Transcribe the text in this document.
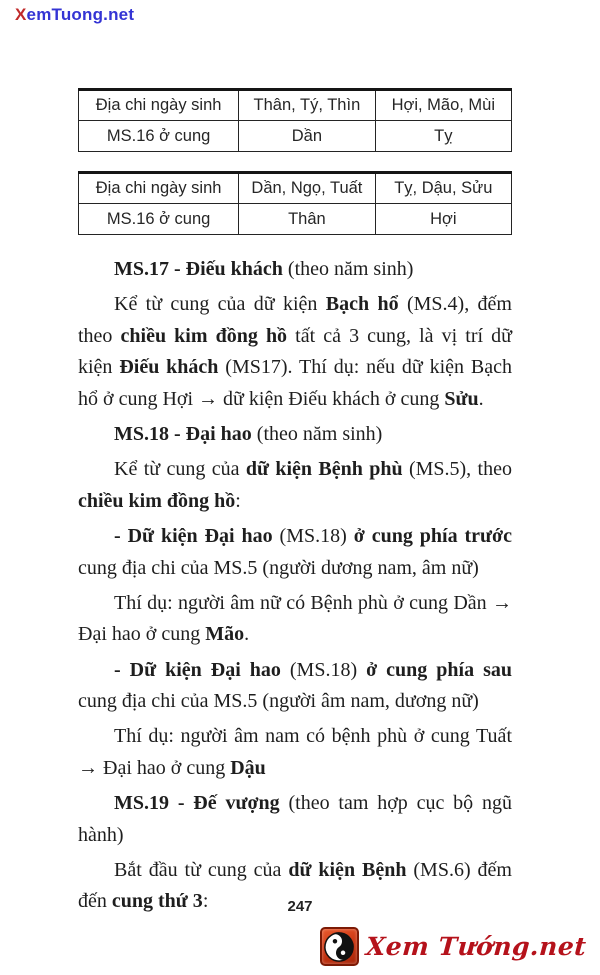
XemTuong.net
Địa chi ngày sinh	Thân, Tý, Thìn	Hợi, Mão, Mùi
MS.16 ở cung	Dần	Tỵ
Địa chi ngày sinh	Dần, Ngọ, Tuất	Tỵ, Dậu, Sửu
MS.16 ở cung	Thân	Hợi

MS.17 - Điếu khách (theo năm sinh)

Kể từ cung của dữ kiện Bạch hổ (MS.4), đếm theo chiều kim đồng hồ tất cả 3 cung, là vị trí dữ kiện Điếu khách (MS17). Thí dụ: nếu dữ kiện Bạch hổ ở cung Hợi → dữ kiện Điếu khách ở cung Sửu.

MS.18 - Đại hao (theo năm sinh)

Kể từ cung của dữ kiện Bệnh phù (MS.5), theo chiều kim đồng hồ:

- Dữ kiện Đại hao (MS.18) ở cung phía trước cung địa chi của MS.5 (người dương nam, âm nữ)

Thí dụ: người âm nữ có Bệnh phù ở cung Dần → Đại hao ở cung Mão.

- Dữ kiện Đại hao (MS.18) ở cung phía sau cung địa chi của MS.5 (người âm nam, dương nữ)

Thí dụ: người âm nam có bệnh phù ở cung Tuất → Đại hao ở cung Dậu

MS.19 - Đế vượng (theo tam hợp cục bộ ngũ hành)

Bắt đầu từ cung của dữ kiện Bệnh (MS.6) đếm đến cung thứ 3:	247
Xem Tướng.net
